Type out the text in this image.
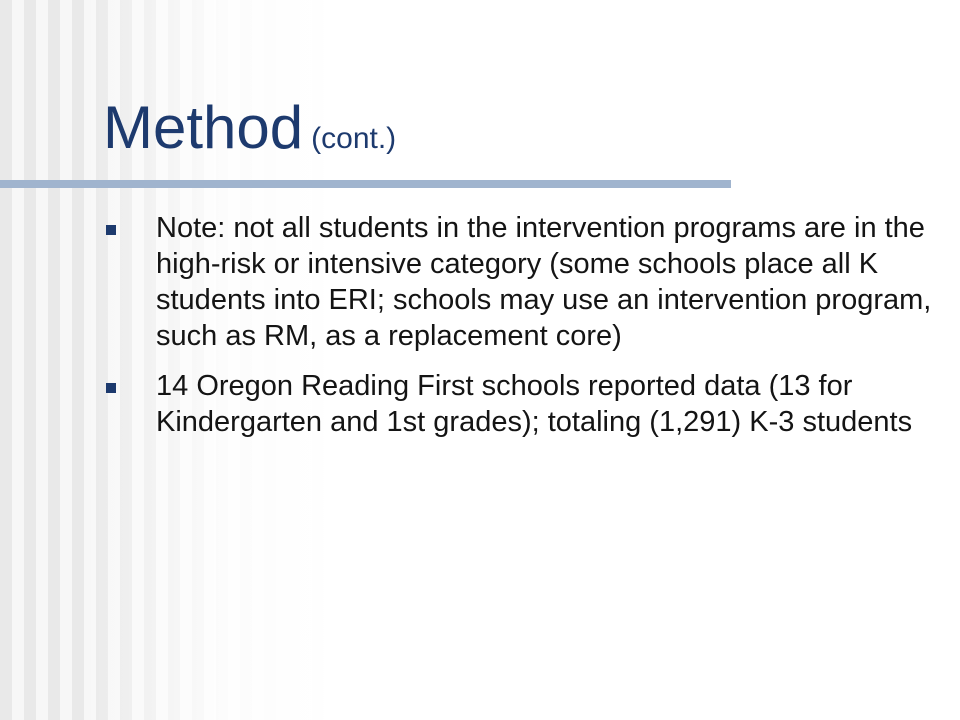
Method (cont.)
Note: not all students in the intervention programs are in the high-risk or intensive category (some schools place all K students into ERI; schools may use an intervention program, such as RM, as a replacement core)
14 Oregon Reading First schools reported data (13 for Kindergarten and 1st grades); totaling (1,291) K-3 students
